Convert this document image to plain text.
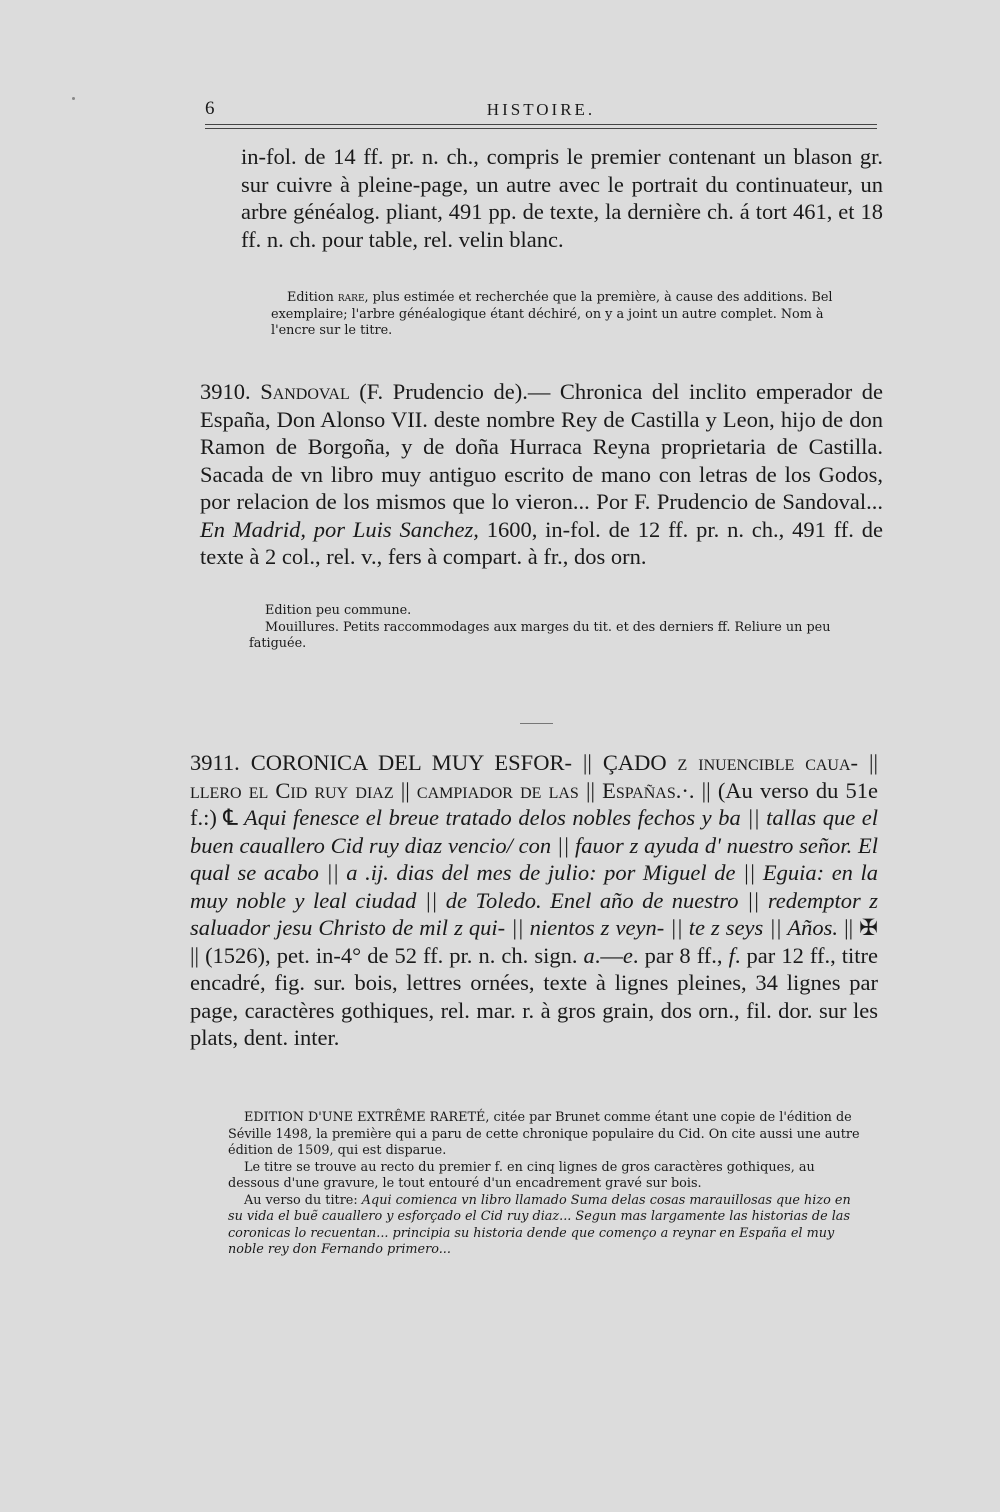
6	HISTOIRE.

in-fol. de 14 ff. pr. n. ch., compris le premier contenant un blason gr. sur cuivre à pleine-page, un autre avec le portrait du continuateur, un arbre généalog. pliant, 491 pp. de texte, la dernière ch. á tort 461, et 18 ff. n. ch. pour table, rel. velin blanc.

Edition rare, plus estimée et recherchée que la première, à cause des additions. Bel exemplaire; l'arbre généalogique étant déchiré, on y a joint un autre complet. Nom à l'encre sur le titre.

3910. Sandoval (F. Prudencio de).— Chronica del inclito emperador de España, Don Alonso VII. deste nombre Rey de Castilla y Leon, hijo de don Ramon de Borgoña, y de doña Hurraca Reyna proprietaria de Castilla. Sacada de vn libro muy antiguo escrito de mano con letras de los Godos, por relacion de los mismos que lo vieron... Por F. Prudencio de Sandoval... En Madrid, por Luis Sanchez, 1600, in-fol. de 12 ff. pr. n. ch., 491 ff. de texte à 2 col., rel. v., fers à compart. à fr., dos orn.

Edition peu commune.

Mouillures. Petits raccommodages aux marges du tit. et des derniers ff. Reliure un peu fatiguée.

3911. CORONICA DEL MUY ESFOR- || ÇADO z inuencible caua- || llero el Cid ruy diaz || campiador de las || Españas.·. || (Au verso du 51e f.:) ℄ Aqui fenesce el breue tratado delos nobles fechos y ba || tallas que el buen cauallero Cid ruy diaz vencio/ con || fauor z ayuda d' nuestro señor. El qual se acabo || a .ij. dias del mes de julio: por Miguel de || Eguia: en la muy noble y leal ciudad || de Toledo. Enel año de nuestro || redemptor z saluador jesu Christo de mil z qui- || nientos z veyn- || te z seys || Años. || ✠ || (1526), pet. in-4° de 52 ff. pr. n. ch. sign. a.—e. par 8 ff., f. par 12 ff., titre encadré, fig. sur. bois, lettres ornées, texte à lignes pleines, 34 lignes par page, caractères gothiques, rel. mar. r. à gros grain, dos orn., fil. dor. sur les plats, dent. inter.

EDITION D'UNE EXTRÊME RARETÉ, citée par Brunet comme étant une copie de l'édition de Séville 1498, la première qui a paru de cette chronique populaire du Cid. On cite aussi une autre édition de 1509, qui est disparue.

Le titre se trouve au recto du premier f. en cinq lignes de gros caractères gothiques, au dessous d'une gravure, le tout entouré d'un encadrement gravé sur bois.

Au verso du titre: Aqui comienca vn libro llamado Suma delas cosas marauillosas que hizo en su vida el buẽ cauallero y esforçado el Cid ruy diaz... Segun mas largamente las historias de las coronicas lo recuentan... principia su historia dende que començo a reynar en España el muy noble rey don Fernando primero...
